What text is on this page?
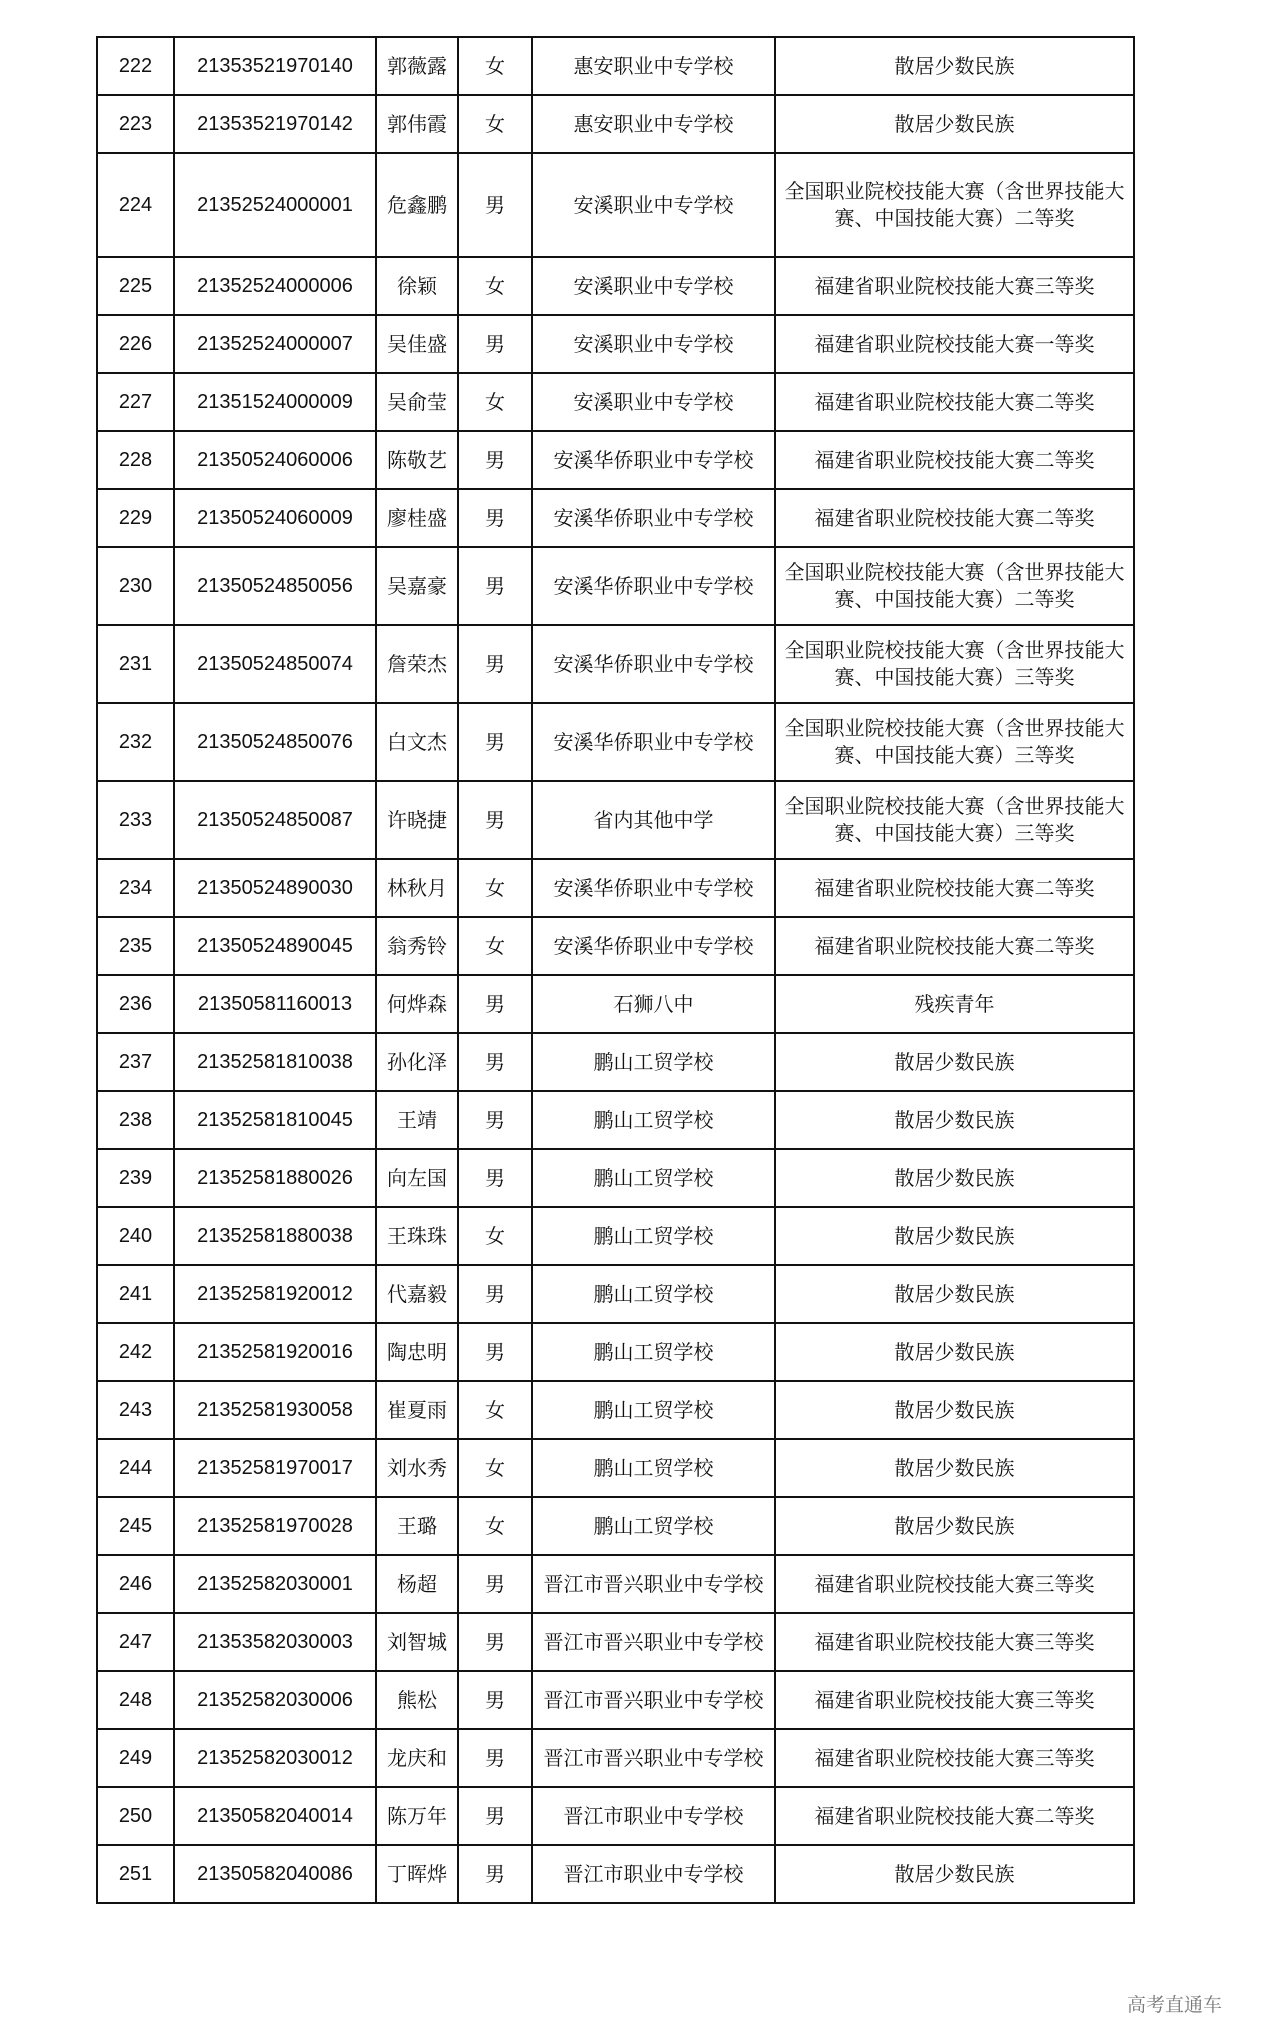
222	21353521970140	郭薇露	女	惠安职业中专学校	散居少数民族
223	21353521970142	郭伟霞	女	惠安职业中专学校	散居少数民族
224	21352524000001	危鑫鹏	男	安溪职业中专学校	全国职业院校技能大赛（含世界技能大赛、中国技能大赛）二等奖
225	21352524000006	徐颖	女	安溪职业中专学校	福建省职业院校技能大赛三等奖
226	21352524000007	吴佳盛	男	安溪职业中专学校	福建省职业院校技能大赛一等奖
227	21351524000009	吴俞莹	女	安溪职业中专学校	福建省职业院校技能大赛二等奖
228	21350524060006	陈敬艺	男	安溪华侨职业中专学校	福建省职业院校技能大赛二等奖
229	21350524060009	廖桂盛	男	安溪华侨职业中专学校	福建省职业院校技能大赛二等奖
230	21350524850056	吴嘉豪	男	安溪华侨职业中专学校	全国职业院校技能大赛（含世界技能大赛、中国技能大赛）二等奖
231	21350524850074	詹荣杰	男	安溪华侨职业中专学校	全国职业院校技能大赛（含世界技能大赛、中国技能大赛）三等奖
232	21350524850076	白文杰	男	安溪华侨职业中专学校	全国职业院校技能大赛（含世界技能大赛、中国技能大赛）三等奖
233	21350524850087	许晓捷	男	省内其他中学	全国职业院校技能大赛（含世界技能大赛、中国技能大赛）三等奖
234	21350524890030	林秋月	女	安溪华侨职业中专学校	福建省职业院校技能大赛二等奖
235	21350524890045	翁秀铃	女	安溪华侨职业中专学校	福建省职业院校技能大赛二等奖
236	21350581160013	何烨森	男	石狮八中	残疾青年
237	21352581810038	孙化泽	男	鹏山工贸学校	散居少数民族
238	21352581810045	王靖	男	鹏山工贸学校	散居少数民族
239	21352581880026	向左国	男	鹏山工贸学校	散居少数民族
240	21352581880038	王珠珠	女	鹏山工贸学校	散居少数民族
241	21352581920012	代嘉毅	男	鹏山工贸学校	散居少数民族
242	21352581920016	陶忠明	男	鹏山工贸学校	散居少数民族
243	21352581930058	崔夏雨	女	鹏山工贸学校	散居少数民族
244	21352581970017	刘水秀	女	鹏山工贸学校	散居少数民族
245	21352581970028	王璐	女	鹏山工贸学校	散居少数民族
246	21352582030001	杨超	男	晋江市晋兴职业中专学校	福建省职业院校技能大赛三等奖
247	21353582030003	刘智城	男	晋江市晋兴职业中专学校	福建省职业院校技能大赛三等奖
248	21352582030006	熊松	男	晋江市晋兴职业中专学校	福建省职业院校技能大赛三等奖
249	21352582030012	龙庆和	男	晋江市晋兴职业中专学校	福建省职业院校技能大赛三等奖
250	21350582040014	陈万年	男	晋江市职业中专学校	福建省职业院校技能大赛二等奖
251	21350582040086	丁晖烨	男	晋江市职业中专学校	散居少数民族
高考直通车
